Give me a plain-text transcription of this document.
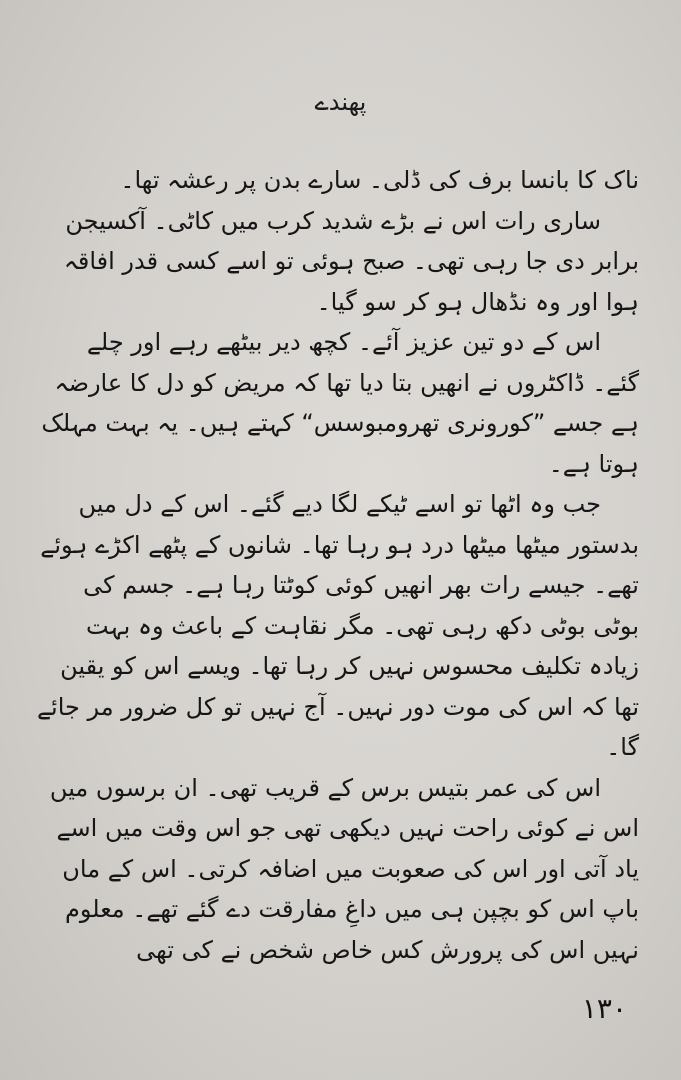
پھندے

ناک کا بانسا برف کی ڈلی۔ سارے بدن پر رعشہ تھا۔

ساری رات اس نے بڑے شدید کرب میں کاٹی۔ آکسیجن برابر دی جا رہی تھی۔ صبح ہوئی تو اسے کسی قدر افاقہ ہوا اور وہ نڈھال ہو کر سو گیا۔

اس کے دو تین عزیز آئے۔ کچھ دیر بیٹھے رہے اور چلے گئے۔ ڈاکٹروں نے انھیں بتا دیا تھا کہ مریض کو دل کا عارضہ ہے جسے ”کورونری تھرومبوسس“ کہتے ہیں۔ یہ بہت مہلک ہوتا ہے۔

جب وہ اٹھا تو اسے ٹیکے لگا دیے گئے۔ اس کے دل میں بدستور میٹھا میٹھا درد ہو رہا تھا۔ شانوں کے پٹھے اکڑے ہوئے تھے۔ جیسے رات بھر انھیں کوئی کوٹتا رہا ہے۔ جسم کی بوٹی بوٹی دکھ رہی تھی۔ مگر نقاہت کے باعث وہ بہت زیادہ تکلیف محسوس نہیں کر رہا تھا۔ ویسے اس کو یقین تھا کہ اس کی موت دور نہیں۔ آج نہیں تو کل ضرور مر جائے گا۔

اس کی عمر بتیس برس کے قریب تھی۔ ان برسوں میں اس نے کوئی راحت نہیں دیکھی تھی جو اس وقت میں اسے یاد آتی اور اس کی صعوبت میں اضافہ کرتی۔ اس کے ماں باپ اس کو بچپن ہی میں داغِ مفارقت دے گئے تھے۔ معلوم نہیں اس کی پرورش کس خاص شخص نے کی تھی

۱۳۰
